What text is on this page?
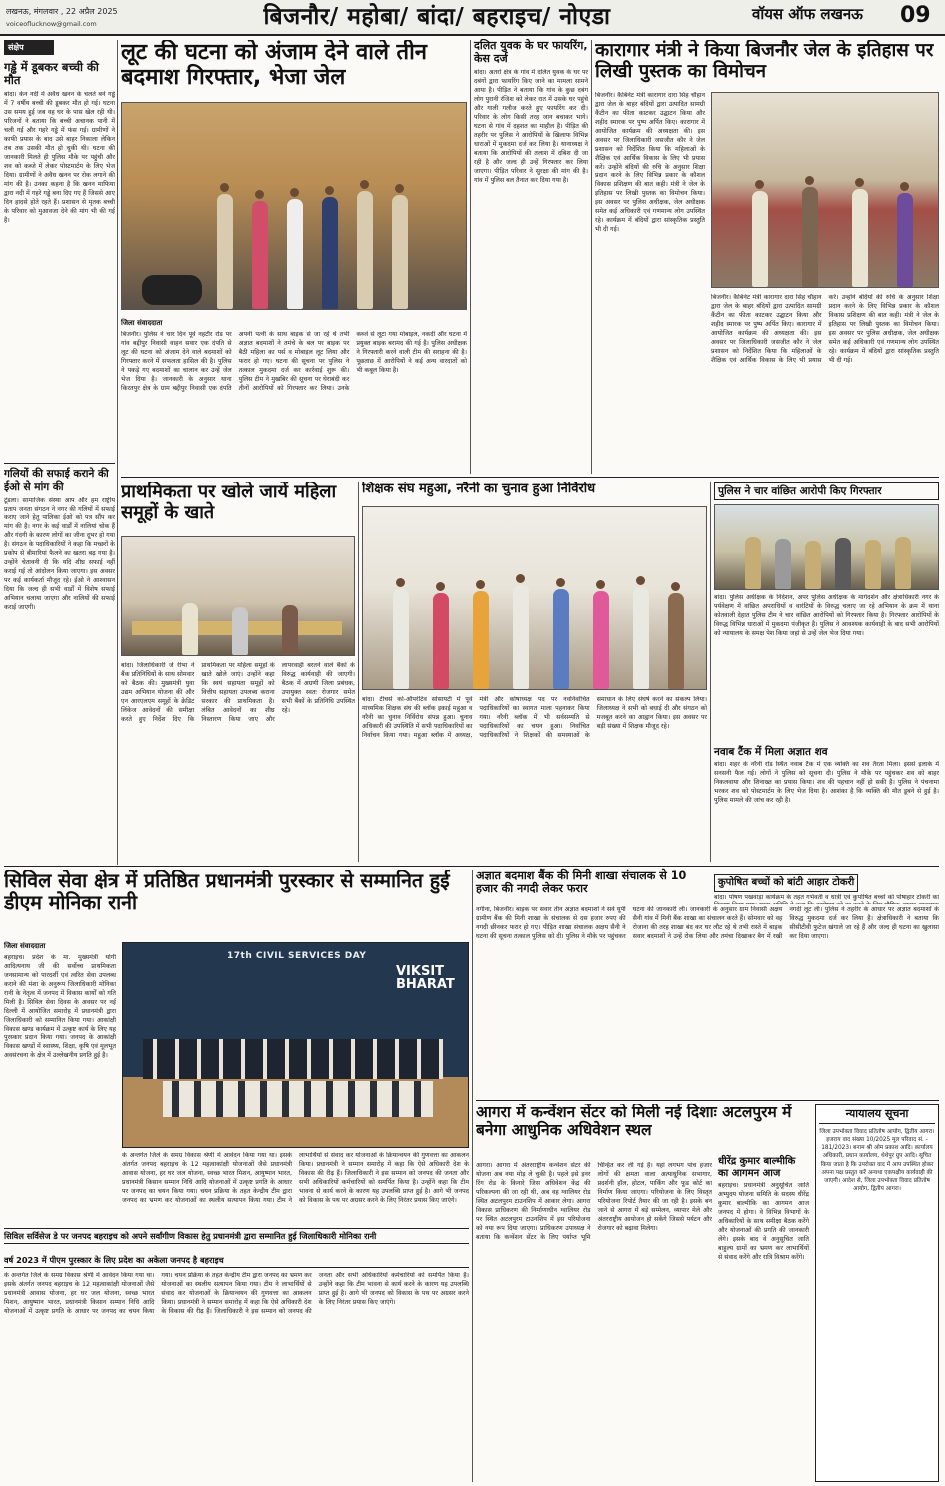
लखनऊ, मंगलवार , 22 अप्रैल 2025
voiceoflucknow@gmail.com	बिजनौर/ महोबा/ बांदा/ बहराइच/ नोएडा	वॉयस ऑफ लखनऊ 09
संक्षेप
गड्ढे में डूबकर बच्ची की मौत
बांदा। केन नदी में अवैध खनन के चलते बने गड्ढे में 7 वर्षीय बच्ची की डूबकर मौत हो गई। घटना उस समय हुई जब वह घर के पास खेल रही थी। परिजनों ने बताया कि बच्ची अचानक पानी में चली गई और गहरे गड्ढे में फंस गई। ग्रामीणों ने काफी प्रयास के बाद उसे बाहर निकाला लेकिन तब तक उसकी मौत हो चुकी थी। घटना की जानकारी मिलते ही पुलिस मौके पर पहुंची और शव को कब्जे में लेकर पोस्टमार्टम के लिए भेज दिया। ग्रामीणों ने अवैध खनन पर रोक लगाने की मांग की है। उनका कहना है कि खनन माफिया द्वारा नदी में गहरे गड्ढे बना दिए गए हैं जिससे आए दिन हादसे होते रहते हैं। प्रशासन से मृतक बच्ची के परिवार को मुआवजा देने की मांग भी की गई है।
गलियों की सफाई कराने की ईओ से मांग की
टूंडला। सामाजिक संस्था आप और हम राष्ट्रीय प्रताप जनता संगठन ने नगर की गलियों में सफाई कराए जाने हेतु पालिका ईओ को पत्र सौंप कर मांग की है। नगर के कई वार्डों में नालियां चोक हैं और गंदगी के कारण लोगों का जीना दूभर हो गया है। संगठन के पदाधिकारियों ने कहा कि मच्छरों के प्रकोप से बीमारियां फैलने का खतरा बढ़ गया है। उन्होंने चेतावनी दी कि यदि शीघ्र सफाई नहीं कराई गई तो आंदोलन किया जाएगा। इस अवसर पर कई कार्यकर्ता मौजूद रहे। ईओ ने आश्वासन दिया कि जल्द ही सभी वार्डों में विशेष सफाई अभियान चलाया जाएगा और नालियों की सफाई कराई जाएगी।
लूट की घटना को अंजाम देने वाले तीन बदमाश गिरफ्तार, भेजा जेल
जिला संवाददाता
बिजनौर। पुलिस ने चार दिन पूर्व नहटौर रोड पर गांव बद्दीपुर निवासी वाहन सवार एक दंपति से लूट की घटना को अंजाम देने वाले बदमाशों को गिरफ्तार करने में सफलता हासिल की है। पुलिस ने पकड़े गए बदमाशों का चालान कर उन्हें जेल भेज दिया है। जानकारी के अनुसार थाना किरतपुर क्षेत्र के ग्राम बद्दीपुर निवासी एक दंपति अपनी पत्नी के साथ बाइक से जा रहे थे तभी अज्ञात बदमाशों ने तमंचे के बल पर बाइक पर बैठी महिला का पर्स व मोबाइल लूट लिया और फरार हो गए। घटना की सूचना पर पुलिस ने तत्काल मुकदमा दर्ज कर कार्रवाई शुरू की। पुलिस टीम ने मुखबिर की सूचना पर घेराबंदी कर तीनों आरोपियों को गिरफ्तार कर लिया। उनके कब्जे से लूटा गया मोबाइल, नकदी और घटना में प्रयुक्त बाइक बरामद की गई है। पुलिस अधीक्षक ने गिरफ्तारी करने वाली टीम की सराहना की है। पूछताछ में आरोपियों ने कई अन्य वारदातों को भी कबूल किया है।
दलित युवक के घर फायरिंग, केस दर्ज
बांदा। अतर्रा क्षेत्र के गांव में दलित युवक के घर पर दबंगों द्वारा फायरिंग किए जाने का मामला सामने आया है। पीड़ित ने बताया कि गांव के कुछ दबंग लोग पुरानी रंजिश को लेकर रात में उसके घर पहुंचे और गाली गलौज करते हुए फायरिंग कर दी। परिवार के लोग किसी तरह जान बचाकर भागे। घटना से गांव में दहशत का माहौल है। पीड़ित की तहरीर पर पुलिस ने आरोपियों के खिलाफ विभिन्न धाराओं में मुकदमा दर्ज कर लिया है। थानाध्यक्ष ने बताया कि आरोपियों की तलाश में दबिश दी जा रही है और जल्द ही उन्हें गिरफ्तार कर लिया जाएगा। पीड़ित परिवार ने सुरक्षा की मांग की है। गांव में पुलिस बल तैनात कर दिया गया है।
कारागार मंत्री ने किया बिजनौर जेल के इतिहास पर लिखी पुस्तक का विमोचन
बिजनौर। कैबिनेट मंत्री कारागार दारा सिंह चौहान द्वारा जेल के बाहर बंदियों द्वारा उत्पादित सामग्री कैंटीन का फीता काटकर उद्घाटन किया और शहीद स्मारक पर पुष्प अर्पित किए। कारागार में आयोजित कार्यक्रम की अध्यक्षता की। इस अवसर पर जिलाधिकारी जसजीत कौर ने जेल प्रशासन को निर्देशित किया कि महिलाओं के शैक्षिक एवं आर्थिक विकास के लिए भी प्रयास करें। उन्होंने बंदियों की रुचि के अनुसार शिक्षा प्रदान करने के लिए विभिन्न प्रकार के कौशल विकास प्रशिक्षण की बात कही। मंत्री ने जेल के इतिहास पर लिखी पुस्तक का विमोचन किया। इस अवसर पर पुलिस अधीक्षक, जेल अधीक्षक समेत कई अधिकारी एवं गणमान्य लोग उपस्थित रहे। कार्यक्रम में बंदियों द्वारा सांस्कृतिक प्रस्तुति भी दी गई।
बिजनौर। कैबिनेट मंत्री कारागार दारा सिंह चौहान द्वारा जेल के बाहर बंदियों द्वारा उत्पादित सामग्री कैंटीन का फीता काटकर उद्घाटन किया और शहीद स्मारक पर पुष्प अर्पित किए। कारागार में आयोजित कार्यक्रम की अध्यक्षता की। इस अवसर पर जिलाधिकारी जसजीत कौर ने जेल प्रशासन को निर्देशित किया कि महिलाओं के शैक्षिक एवं आर्थिक विकास के लिए भी प्रयास करें। उन्होंने बंदियों की रुचि के अनुसार शिक्षा प्रदान करने के लिए विभिन्न प्रकार के कौशल विकास प्रशिक्षण की बात कही। मंत्री ने जेल के इतिहास पर लिखी पुस्तक का विमोचन किया। इस अवसर पर पुलिस अधीक्षक, जेल अधीक्षक समेत कई अधिकारी एवं गणमान्य लोग उपस्थित रहे। कार्यक्रम में बंदियों द्वारा सांस्कृतिक प्रस्तुति भी दी गई।
प्राथमिकता पर खोले जायें महिला समूहों के खाते
बांदा। जिलाधिकारी जे रीभा ने बैंक प्रतिनिधियों के साथ सोमवार को बैठक की। मुख्यमंत्री युवा उद्यम अभियान योजना की और एन आरएलएम समूहों के क्रेडिट लिंकेज आवेदनों की समीक्षा करते हुए निर्देश दिए कि प्राथमिकता पर महिला समूहों के खाते खोले जाएं। उन्होंने कहा कि स्वयं सहायता समूहों को वित्तीय सहायता उपलब्ध कराना सरकार की प्राथमिकता है। लंबित आवेदनों का शीघ्र निस्तारण किया जाए और लापरवाही बरतने वाले बैंकों के विरुद्ध कार्यवाही की जाएगी। बैठक में अग्रणी जिला प्रबंधक, उपायुक्त स्वतः रोजगार समेत सभी बैंकों के प्रतिनिधि उपस्थित रहे।
शिक्षक संघ महुआ, नरैनी का चुनाव हुआ निर्विरोध
बांदा। टीचर्स को-ऑपरेटिव सोसायटी में पूर्व माध्यमिक शिक्षक संघ की ब्लॉक इकाई महुआ व नरैनी का चुनाव निर्विरोध संपन्न हुआ। चुनाव अधिकारी की उपस्थिति में सभी पदाधिकारियों का निर्वाचन किया गया। महुआ ब्लॉक में अध्यक्ष, मंत्री और कोषाध्यक्ष पद पर नवनिर्वाचित पदाधिकारियों का स्वागत माला पहनाकर किया गया। नरैनी ब्लॉक में भी सर्वसम्मति से पदाधिकारियों का चयन हुआ। निर्वाचित पदाधिकारियों ने शिक्षकों की समस्याओं के समाधान के लिए संघर्ष करने का संकल्प लिया। जिलाध्यक्ष ने सभी को बधाई दी और संगठन को मजबूत करने का आह्वान किया। इस अवसर पर बड़ी संख्या में शिक्षक मौजूद रहे।
पुलिस ने चार वांछित आरोपी किए गिरफ्तार
बांदा। पुलिस अधीक्षक के निर्देशन, अपर पुलिस अधीक्षक के मार्गदर्शन और क्षेत्राधिकारी नगर के पर्यवेक्षण में वांछित अपराधियों व वारंटियों के विरुद्ध चलाए जा रहे अभियान के क्रम में थाना कोतवाली देहात पुलिस टीम ने चार वांछित आरोपियों को गिरफ्तार किया है। गिरफ्तार आरोपियों के विरुद्ध विभिन्न धाराओं में मुकदमा पंजीकृत है। पुलिस ने आवश्यक कार्यवाही के बाद सभी आरोपियों को न्यायालय के समक्ष पेश किया जहां से उन्हें जेल भेज दिया गया।
नवाब टैंक में मिला अज्ञात शव
बांदा। शहर के नरैनी रोड स्थित नवाब टैंक में एक व्यक्ति का शव तैरता मिला। इससे इलाके में सनसनी फैल गई। लोगों ने पुलिस को सूचना दी। पुलिस ने मौके पर पहुंचकर शव को बाहर निकलवाया और शिनाख्त का प्रयास किया। शव की पहचान नहीं हो सकी है। पुलिस ने पंचनामा भरकर शव को पोस्टमार्टम के लिए भेज दिया है। आशंका है कि व्यक्ति की मौत डूबने से हुई है। पुलिस मामले की जांच कर रही है।
सिविल सेवा क्षेत्र में प्रतिष्ठित प्रधानमंत्री पुरस्कार से सम्मानित हुई डीएम मोनिका रानी
जिला संवाददाता
बहराइच। प्रदेश के मा. मुख्यमंत्री योगी आदित्यनाथ जी की सर्वोच्च प्राथमिकता जनसामान्य को पारदर्शी एवं त्वरित सेवा उपलब्ध कराने की मंशा के अनुरूप जिलाधिकारी मोनिका रानी के नेतृत्व में जनपद में विकास कार्यों को गति मिली है। सिविल सेवा दिवस के अवसर पर नई दिल्ली में आयोजित समारोह में प्रधानमंत्री द्वारा जिलाधिकारी को सम्मानित किया गया। आकांक्षी विकास खण्ड कार्यक्रम में उत्कृष्ट कार्य के लिए यह पुरस्कार प्रदान किया गया। जनपद के आकांक्षी विकास खण्डों में स्वास्थ्य, शिक्षा, कृषि एवं मूलभूत अवसंरचना के क्षेत्र में उल्लेखनीय प्रगति हुई है।
17th CIVIL SERVICES DAY
VIKSIT BHARAT
के अन्तर्गत जिले के समग्र विकास श्रेणी में आवेदन किया गया था। इसके अंतर्गत जनपद बहराइच के 12 महत्वाकांक्षी योजनाओं जैसे प्रधानमंत्री आवास योजना, हर घर जल योजना, स्वच्छ भारत मिशन, आयुष्मान भारत, प्रधानमंत्री किसान सम्मान निधि आदि योजनाओं में उत्कृष्ट प्रगति के आधार पर जनपद का चयन किया गया। चयन प्रक्रिया के तहत केन्द्रीय टीम द्वारा जनपद का भ्रमण कर योजनाओं का स्थलीय सत्यापन किया गया। टीम ने लाभार्थियों से संवाद कर योजनाओं के क्रियान्वयन की गुणवत्ता का आकलन किया। प्रधानमंत्री ने सम्मान समारोह में कहा कि ऐसे अधिकारी देश के विकास की रीढ़ हैं। जिलाधिकारी ने इस सम्मान को जनपद की जनता और सभी अधिकारियों कर्मचारियों को समर्पित किया है। उन्होंने कहा कि टीम भावना से कार्य करने के कारण यह उपलब्धि प्राप्त हुई है। आगे भी जनपद को विकास के पथ पर अग्रसर करने के लिए निरंतर प्रयास किए जाएंगे।
सिविल सर्विसेज डे पर जनपद बहराइच को अपने सर्वांगीण विकास हेतु प्रधानमंत्री द्वारा सम्मानित हुई जिलाधिकारी मोनिका रानी
वर्ष 2023 में पीएम पुरस्कार के लिए प्रदेश का अकेला जनपद है बहराइच
के अन्तर्गत जिले के समग्र विकास श्रेणी में आवेदन किया गया था। इसके अंतर्गत जनपद बहराइच के 12 महत्वाकांक्षी योजनाओं जैसे प्रधानमंत्री आवास योजना, हर घर जल योजना, स्वच्छ भारत मिशन, आयुष्मान भारत, प्रधानमंत्री किसान सम्मान निधि आदि योजनाओं में उत्कृष्ट प्रगति के आधार पर जनपद का चयन किया गया। चयन प्रक्रिया के तहत केन्द्रीय टीम द्वारा जनपद का भ्रमण कर योजनाओं का स्थलीय सत्यापन किया गया। टीम ने लाभार्थियों से संवाद कर योजनाओं के क्रियान्वयन की गुणवत्ता का आकलन किया। प्रधानमंत्री ने सम्मान समारोह में कहा कि ऐसे अधिकारी देश के विकास की रीढ़ हैं। जिलाधिकारी ने इस सम्मान को जनपद की जनता और सभी अधिकारियों कर्मचारियों को समर्पित किया है। उन्होंने कहा कि टीम भावना से कार्य करने के कारण यह उपलब्धि प्राप्त हुई है। आगे भी जनपद को विकास के पथ पर अग्रसर करने के लिए निरंतर प्रयास किए जाएंगे।
अज्ञात बदमाश बैंक की मिनी शाखा संचालक से 10 हजार की नगदी लेकर फरार
नगीना, बिजनौर। बाइक पर सवार तीन अज्ञात बदमाशों ने सर्व यूपी ग्रामीण बैंक की मिनी शाखा के संचालक से दस हजार रुपए की नगदी छीनकर फरार हो गए। पीड़ित शाखा संचालक अक्षय सैनी ने घटना की सूचना तत्काल पुलिस को दी। पुलिस ने मौके पर पहुंचकर घटना की जानकारी ली। जानकारी के अनुसार ग्राम निवासी अक्षय सैनी गांव में मिनी बैंक शाखा का संचालन करते हैं। सोमवार को वह रोजाना की तरह शाखा बंद कर घर लौट रहे थे तभी रास्ते में बाइक सवार बदमाशों ने उन्हें रोक लिया और तमंचा दिखाकर बैग में रखी नगदी लूट ली। पुलिस ने तहरीर के आधार पर अज्ञात बदमाशों के विरुद्ध मुकदमा दर्ज कर लिया है। क्षेत्राधिकारी ने बताया कि सीसीटीवी फुटेज खंगाले जा रहे हैं और जल्द ही घटना का खुलासा कर दिया जाएगा।
आगरा में कन्वेंशन सेंटर को मिली नई दिशाः अटलपुरम में बनेगा आधुनिक अधिवेशन स्थल
आगरा। आगरा में अंतरराष्ट्रीय कन्वेंशन सेंटर की योजना अब नया मोड़ ले चुकी है। पहले इसे इनर रिंग रोड के किनारे जिस अधिवेशन केंद्र की परिकल्पना की जा रही थी, अब वह ग्वालियर रोड स्थित अटलपुरम टाउनशिप में आकार लेगा। आगरा विकास प्राधिकरण की निर्माणाधीन ग्वालियर रोड पर स्थित अटलपुरम टाउनशिप में इस परियोजना को नया रूप दिया जाएगा। प्राधिकरण उपाध्यक्ष ने बताया कि कन्वेंशन सेंटर के लिए पर्याप्त भूमि चिन्हित कर ली गई है। यहां लगभग पांच हजार लोगों की क्षमता वाला अत्याधुनिक सभागार, प्रदर्शनी हॉल, होटल, पार्किंग और फूड कोर्ट का निर्माण किया जाएगा। परियोजना के लिए विस्तृत परियोजना रिपोर्ट तैयार की जा रही है। इसके बन जाने से आगरा में बड़े सम्मेलन, व्यापार मेले और अंतरराष्ट्रीय आयोजन हो सकेंगे जिससे पर्यटन और रोजगार को बढ़ावा मिलेगा।
धीरेंद्र कुमार बाल्मीकि का आगमन आज
बहराइच। प्रधानमंत्री अनुसूचित जाति अभ्युदय योजना समिति के सदस्य धीरेंद्र कुमार बाल्मीकि का आगमन आज जनपद में होगा। वे विभिन्न विभागों के अधिकारियों के साथ समीक्षा बैठक करेंगे और योजनाओं की प्रगति की जानकारी लेंगे। इसके बाद वे अनुसूचित जाति बाहुल्य ग्रामों का भ्रमण कर लाभार्थियों से संवाद करेंगे और रात्रि विश्राम करेंगे।
न्यायालय सूचना
जिला उपभोक्ता विवाद प्रतितोष आयोग, द्वितीय आगरा। इजराय वाद संख्या 10/2025 मूल परिवाद सं. - 181/2023। बनाम श्री ओम प्रकाश आदि। कार्यालय अधिकारी, प्रधान कार्यालय, थेथेपुर ग्रुप आदि। सूचित किया जाता है कि उपरोक्त वाद में आप उपस्थित होकर अपना पक्ष प्रस्तुत करें अन्यथा एकपक्षीय कार्यवाही की जाएगी। आदेश से, जिला उपभोक्ता विवाद प्रतितोष आयोग, द्वितीय आगरा।
कुपोषित बच्चों को बांटी आहार टोकरी
बांदा। पोषण पखवाड़ा कार्यक्रम के तहत गर्भवती व धात्री एवं कुपोषित बच्चों को पोषाहार टोकरी का
